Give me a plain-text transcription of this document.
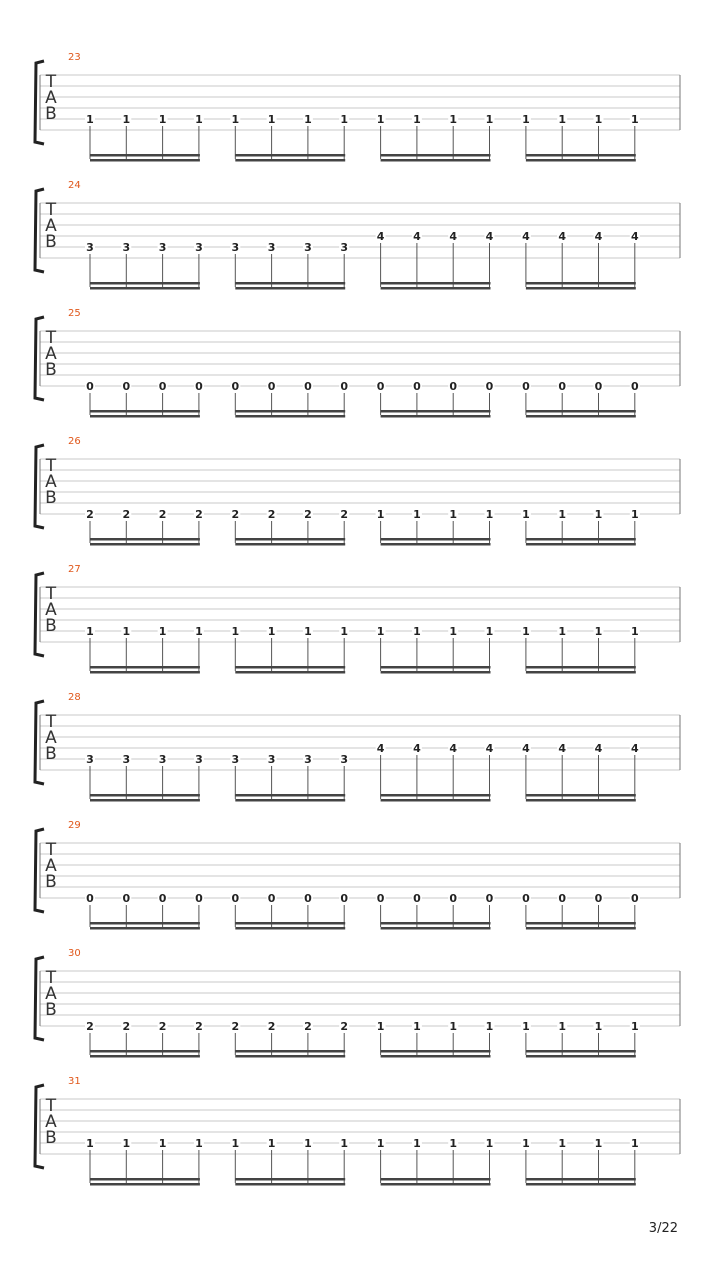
23
T
A
B	1	1	1	1	1	1	1	1	1	1	1	1	1	1	1	1
24
T
A
B	3	3	3	3	3	3	3	3
4	4	4	4	4	4	4	4
25
T
A
B
0	0	0	0	0	0	0	0	0	0	0	0	0	0	0	0
26
T
A
B
2	2	2	2	2	2	2	2	1	1	1	1	1	1	1	1
27
T
A
B	1	1	1	1	1	1	1	1	1	1	1	1	1	1	1	1
28
T
A
B	3	3	3	3	3	3	3	3
4	4	4	4	4	4	4	4
29
T
A
B
0	0	0	0	0	0	0	0	0	0	0	0	0	0	0	0
30
T
A
B
2	2	2	2	2	2	2	2	1	1	1	1	1	1	1	1
31
T
A
B	1	1	1	1	1	1	1	1	1	1	1	1	1	1	1	1
3/22
